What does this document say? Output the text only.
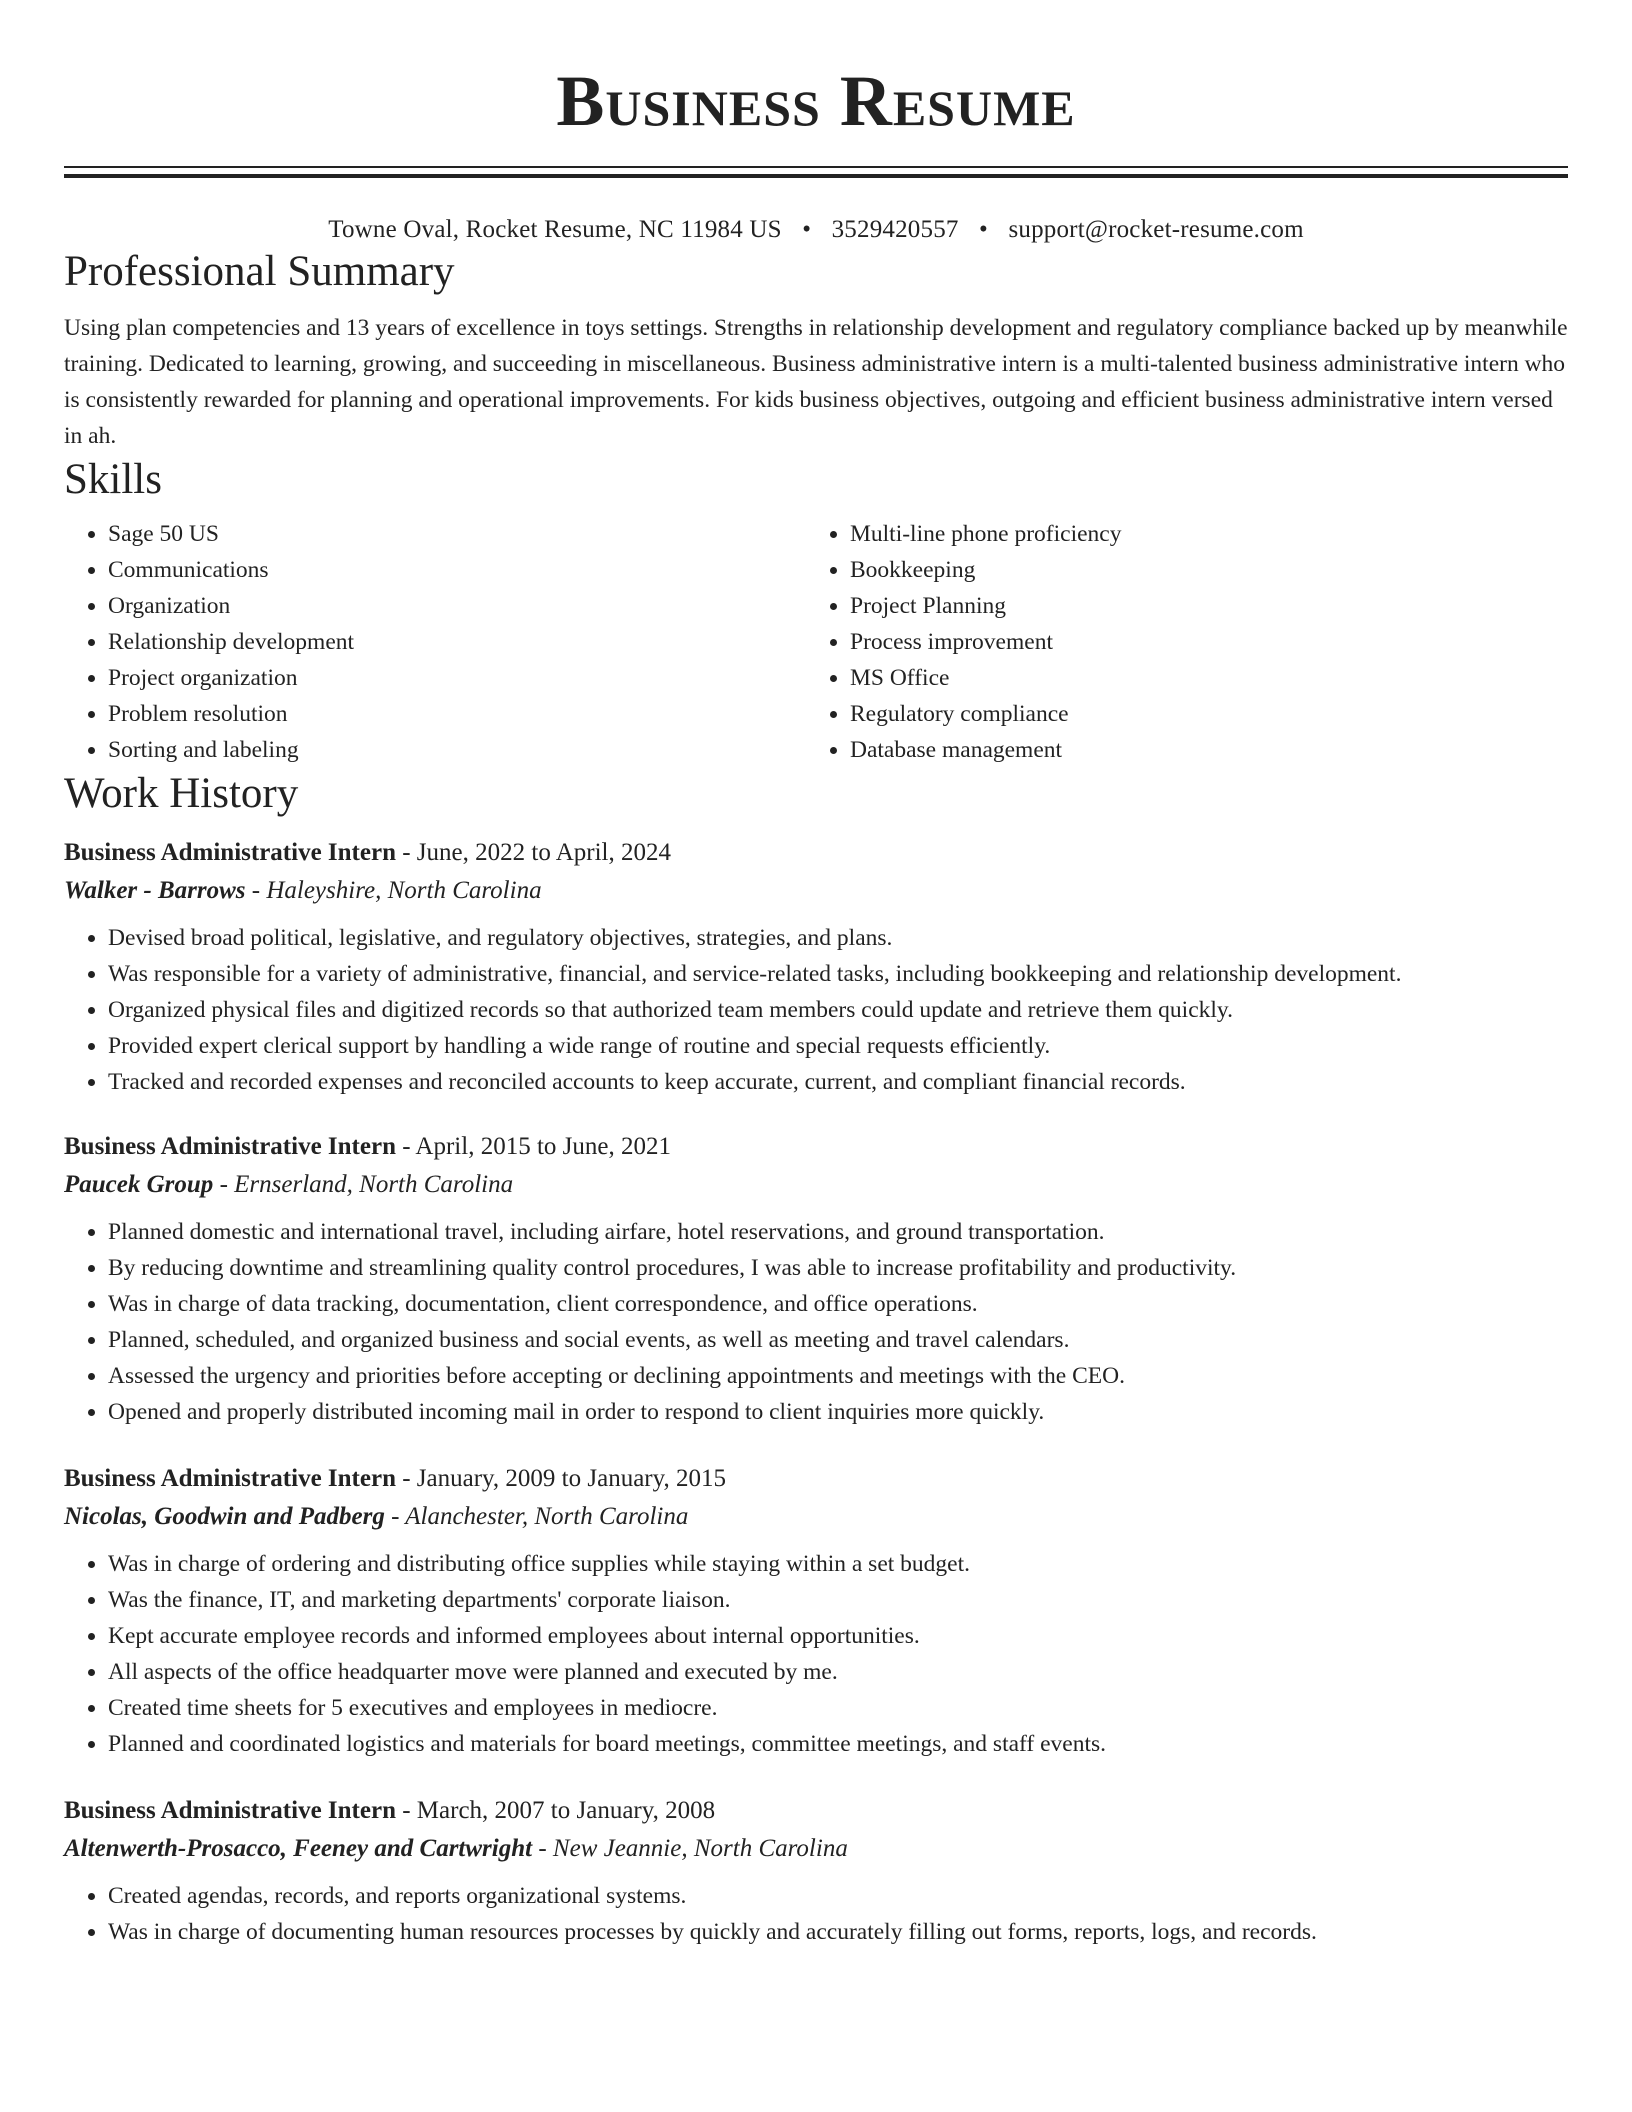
Business Resume
Towne Oval, Rocket Resume, NC 11984 US • 3529420557 • support@rocket-resume.com
Professional Summary

Using plan competencies and 13 years of excellence in toys settings. Strengths in relationship development and regulatory compliance backed up by meanwhile training. Dedicated to learning, growing, and succeeding in miscellaneous. Business administrative intern is a multi-talented business administrative intern who is consistently rewarded for planning and operational improvements. For kids business objectives, outgoing and efficient business administrative intern versed in ah.

Skills
• Sage 50 US
• Communications
• Organization
• Relationship development
• Project organization
• Problem resolution
• Sorting and labeling
• Multi-line phone proficiency
• Bookkeeping
• Project Planning
• Process improvement
• MS Office
• Regulatory compliance
• Database management
Work History
Business Administrative Intern - June, 2022 to April, 2024
Walker - Barrows - Haleyshire, North Carolina
• Devised broad political, legislative, and regulatory objectives, strategies, and plans.
• Was responsible for a variety of administrative, financial, and service-related tasks, including bookkeeping and relationship development.
• Organized physical files and digitized records so that authorized team members could update and retrieve them quickly.
• Provided expert clerical support by handling a wide range of routine and special requests efficiently.
• Tracked and recorded expenses and reconciled accounts to keep accurate, current, and compliant financial records.
Business Administrative Intern - April, 2015 to June, 2021
Paucek Group - Ernserland, North Carolina
• Planned domestic and international travel, including airfare, hotel reservations, and ground transportation.
• By reducing downtime and streamlining quality control procedures, I was able to increase profitability and productivity.
• Was in charge of data tracking, documentation, client correspondence, and office operations.
• Planned, scheduled, and organized business and social events, as well as meeting and travel calendars.
• Assessed the urgency and priorities before accepting or declining appointments and meetings with the CEO.
• Opened and properly distributed incoming mail in order to respond to client inquiries more quickly.
Business Administrative Intern - January, 2009 to January, 2015
Nicolas, Goodwin and Padberg - Alanchester, North Carolina
• Was in charge of ordering and distributing office supplies while staying within a set budget.
• Was the finance, IT, and marketing departments' corporate liaison.
• Kept accurate employee records and informed employees about internal opportunities.
• All aspects of the office headquarter move were planned and executed by me.
• Created time sheets for 5 executives and employees in mediocre.
• Planned and coordinated logistics and materials for board meetings, committee meetings, and staff events.
Business Administrative Intern - March, 2007 to January, 2008
Altenwerth-Prosacco, Feeney and Cartwright - New Jeannie, North Carolina
• Created agendas, records, and reports organizational systems.
• Was in charge of documenting human resources processes by quickly and accurately filling out forms, reports, logs, and records.
